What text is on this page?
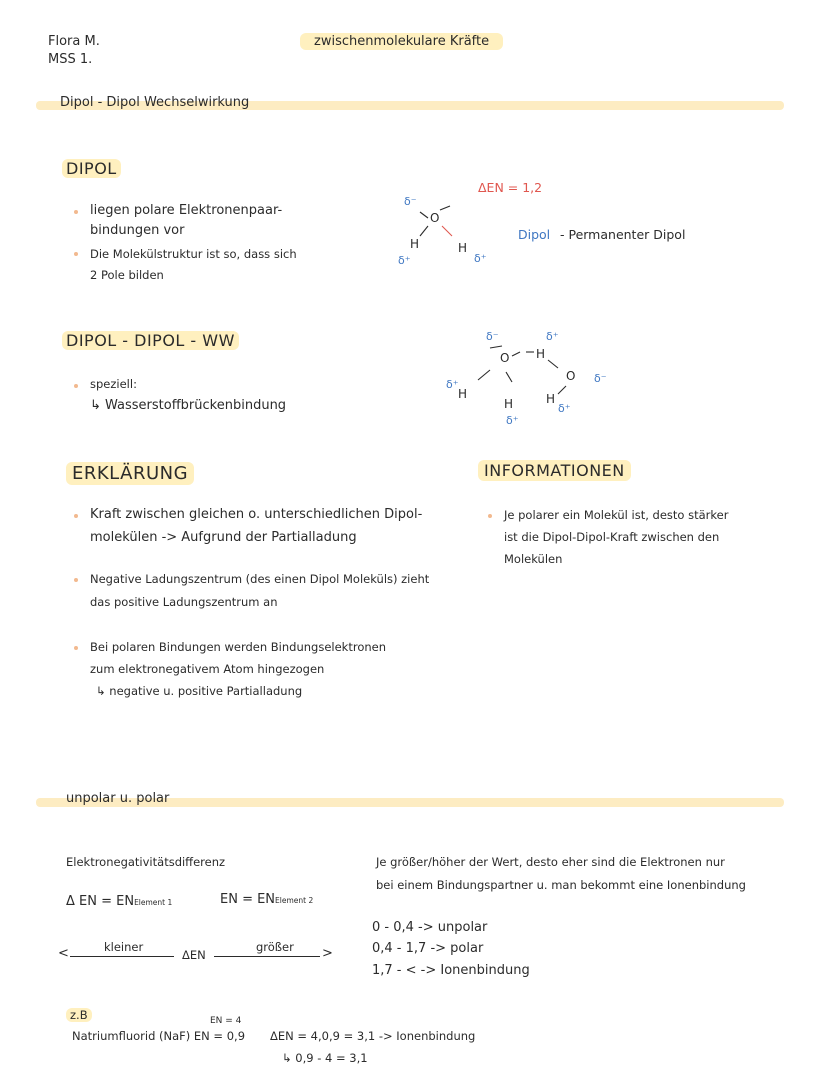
Flora M.
MSS 1.
zwischenmolekulare Kräfte
Dipol - Dipol Wechselwirkung
DIPOL
liegen polare Elektronenpaar-
bindungen vor
Die Molekülstruktur ist so, dass sich
2 Pole bilden
ΔEN = 1,2
Dipol - Permanenter Dipol
δ⁻
O
δ⁺
H	H
δ⁺
δ⁻
O H
δ⁺
O δ⁻
H
δ⁺
H
δ⁺
H
δ⁺
DIPOL - DIPOL - WW
speziell:
↳ Wasserstoffbrückenbindung
ERKLÄRUNG
Kraft zwischen gleichen o. unterschiedlichen Dipol-
molekülen -> Aufgrund der Partialladung
Negative Ladungszentrum (des einen Dipol Moleküls) zieht
das positive Ladungszentrum an
Bei polaren Bindungen werden Bindungselektronen
zum elektronegativem Atom hingezogen
↳ negative u. positive Partialladung
INFORMATIONEN
Je polarer ein Molekül ist, desto stärker
ist die Dipol-Dipol-Kraft zwischen den
Molekülen
unpolar u. polar
Elektronegativitätsdifferenz
Δ EN = ENElement 1	EN = ENElement 2
<	kleiner
ΔEN
größer >
Je größer/höher der Wert, desto eher sind die Elektronen nur
bei einem Bindungspartner u. man bekommt eine Ionenbindung
0 - 0,4 -> unpolar
0,4 - 1,7 -> polar
1,7 - < -> Ionenbindung
z.B	EN = 4
Natriumfluorid (NaF) EN = 0,9 ΔEN = 4,0,9 = 3,1 -> Ionenbindung
↳ 0,9 - 4 = 3,1
